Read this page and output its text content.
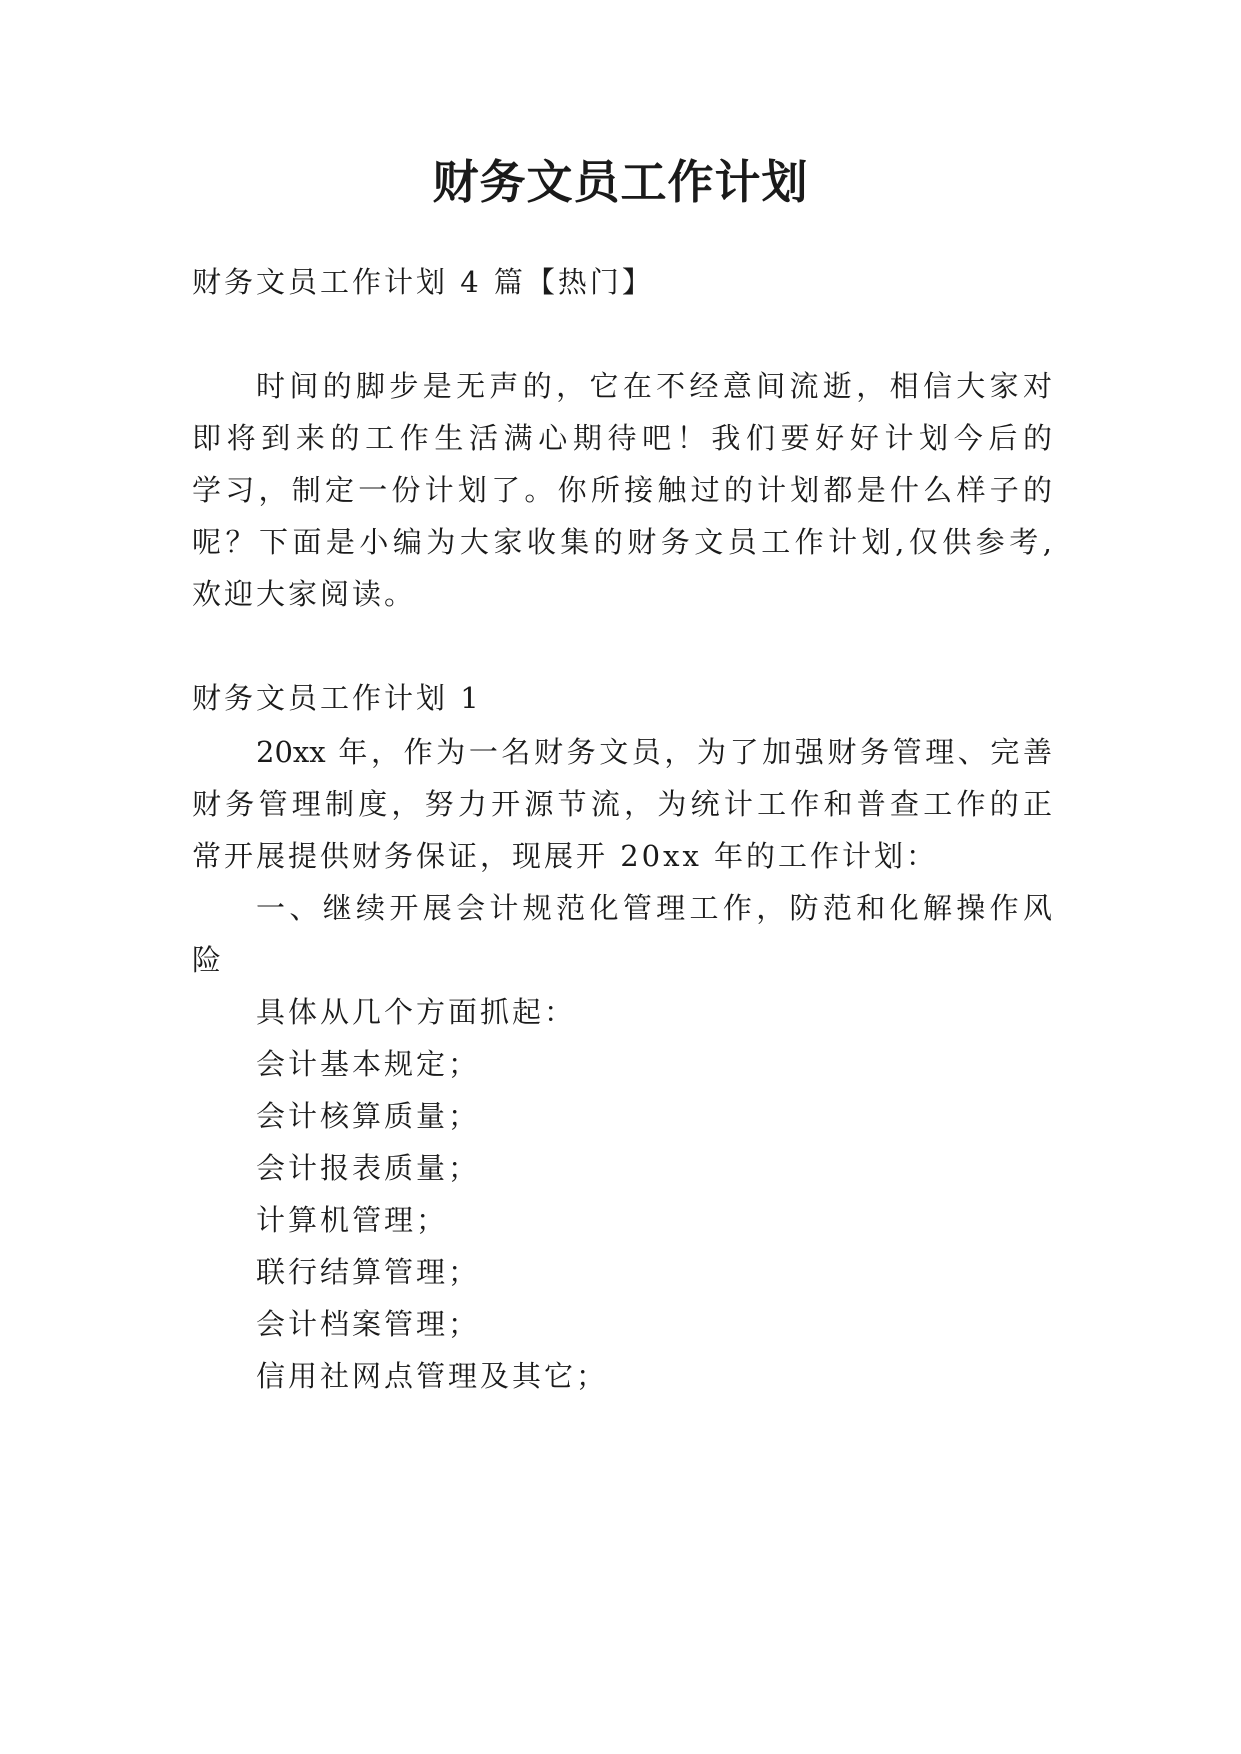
财务文员工作计划
财务文员工作计划 4 篇【热门】
时间的脚步是无声的，它在不经意间流逝，相信大家对
即将到来的工作生活满心期待吧！我们要好好计划今后的
学习，制定一份计划了。你所接触过的计划都是什么样子的
呢？下面是小编为大家收集的财务文员工作计划,仅供参考,
欢迎大家阅读。
财务文员工作计划 1
20xx 年，作为一名财务文员，为了加强财务管理、完善
财务管理制度，努力开源节流，为统计工作和普查工作的正
常开展提供财务保证，现展开 20xx 年的工作计划：
一、继续开展会计规范化管理工作，防范和化解操作风
险
具体从几个方面抓起：
会计基本规定；
会计核算质量；
会计报表质量；
计算机管理；
联行结算管理；
会计档案管理；
信用社网点管理及其它；
